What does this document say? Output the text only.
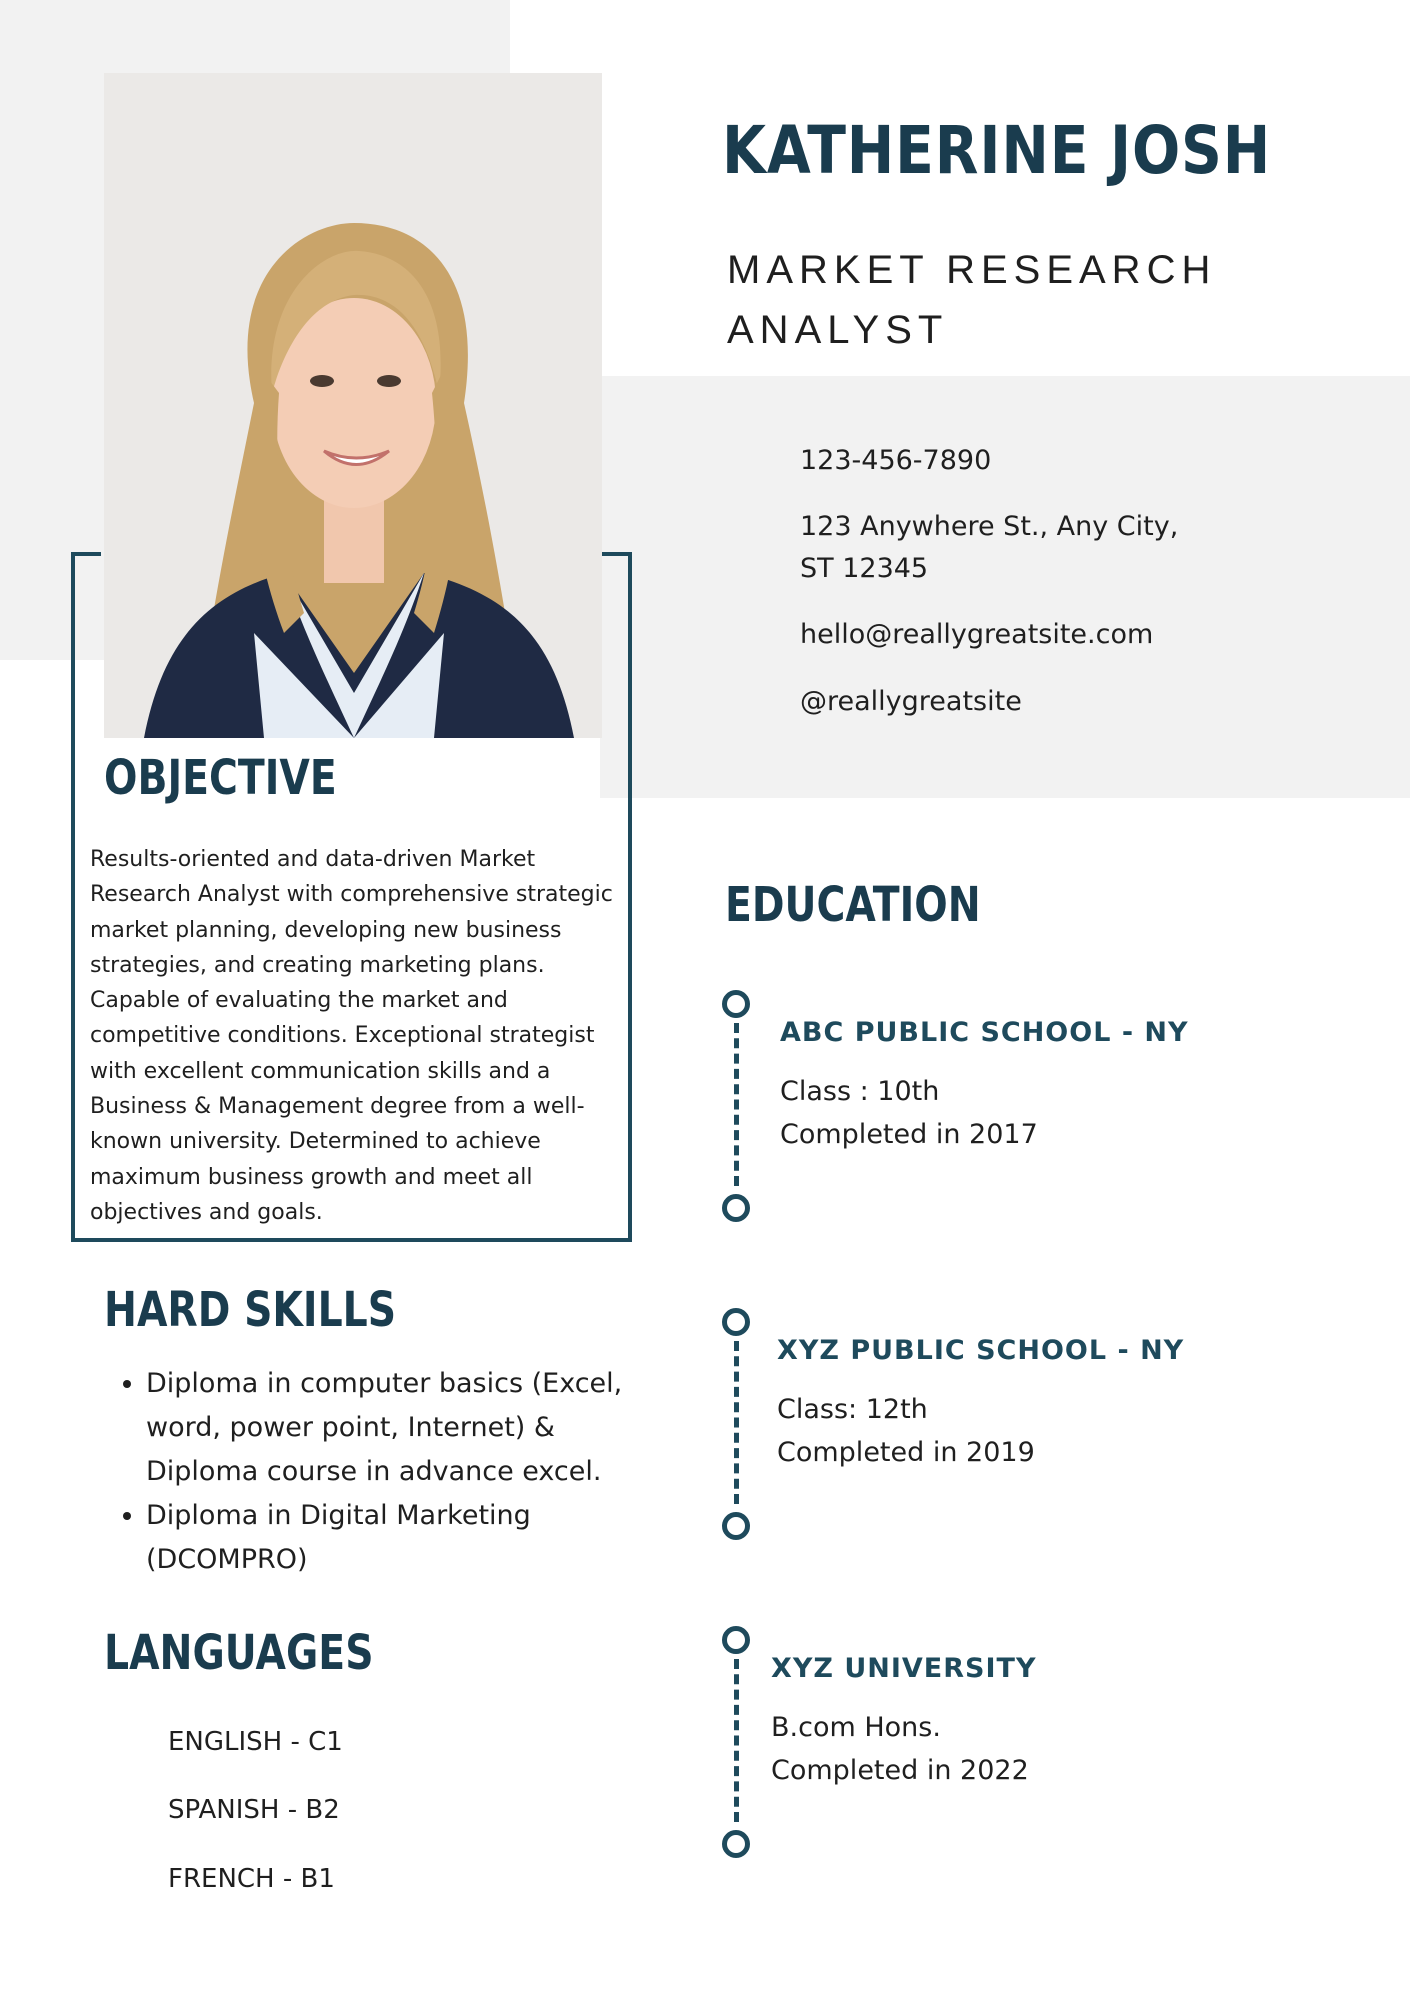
KATHERINE JOSH
MARKET RESEARCH
ANALYST
123-456-7890
123 Anywhere St., Any City,
ST 12345
hello@reallygreatsite.com
@reallygreatsite
OBJECTIVE
Results-oriented and data-driven Market Research Analyst with comprehensive strategic market planning, developing new business strategies, and creating marketing plans. Capable of evaluating the market and competitive conditions. Exceptional strategist with excellent communication skills and a Business & Management degree from a well-known university. Determined to achieve maximum business growth and meet all objectives and goals.
HARD SKILLS
• Diploma in computer basics (Excel, word, power point, Internet) & Diploma course in advance excel.
• Diploma in Digital Marketing (DCOMPRO)
LANGUAGES
ENGLISH - C1
SPANISH - B2
FRENCH - B1
EDUCATION
ABC PUBLIC SCHOOL - NY
Class : 10th
Completed in 2017
XYZ PUBLIC SCHOOL - NY
Class: 12th
Completed in 2019
XYZ UNIVERSITY
B.com Hons.
Completed in 2022
